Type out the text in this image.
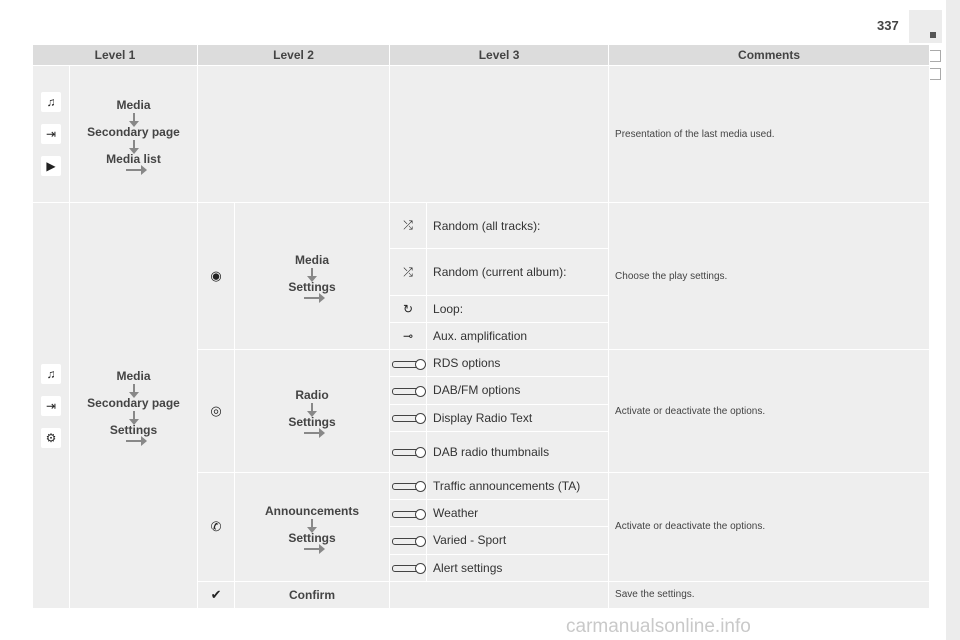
337
Level 1		Level 2		Level 3		Comments
♫
⇥
▶	Media
Secondary page
Media list					Presentation of the last media used.
♫
⇥
⚙	Media
Secondary page
Settings	◉	Media
Settings	⤮	Random (all tracks):	Choose the play settings.
				⤮	Random (current album):	
				↻	Loop:	
				⊸	Aux. amplification	
		◎	Radio
Settings		RDS options	Activate or deactivate the options.
					DAB/FM options	
					Display Radio Text	
					DAB radio thumbnails	
		✆	Announcements
Settings		Traffic announcements (TA)	Activate or deactivate the options.
					Weather	
					Varied - Sport	
					Alert settings	
		✔	Confirm			Save the settings.
carmanualsonline.info
